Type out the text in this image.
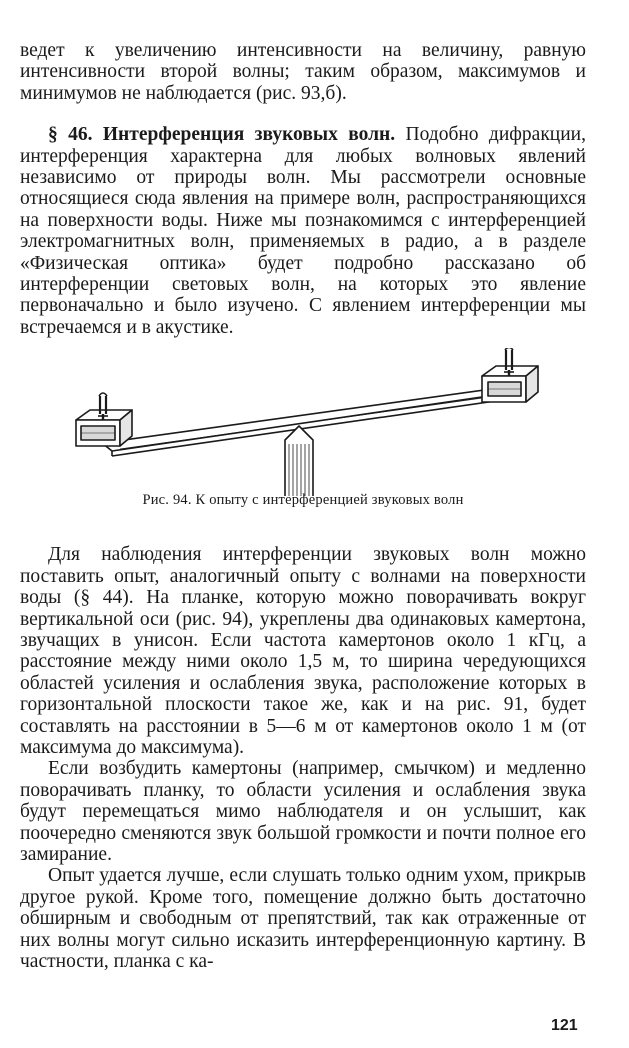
ведет к увеличению интенсивности на величину, равную интенсивности второй волны; таким образом, максимумов и минимумов не наблюдается (рис. 93,б).

§ 46. Интерференция звуковых волн. Подобно дифракции, интерференция характерна для любых волновых явлений независимо от природы волн. Мы рассмотрели основные относящиеся сюда явления на примере волн, распространяющихся на поверхности воды. Ниже мы познакомимся с интерференцией электромагнитных волн, применяемых в радио, а в разделе «Физическая оптика» будет подробно рассказано об интерференции световых волн, на которых это явление первоначально и было изучено. С явлением интерференции мы встречаемся и в акустике.

Рис. 94. К опыту с интерференцией звуковых волн

Для наблюдения интерференции звуковых волн можно поставить опыт, аналогичный опыту с волнами на поверхности воды (§ 44). На планке, которую можно поворачивать вокруг вертикальной оси (рис. 94), укреплены два одинаковых камертона, звучащих в унисон. Если частота камертонов около 1 кГц, а расстояние между ними около 1,5 м, то ширина чередующихся областей усиления и ослабления звука, расположение которых в горизонтальной плоскости такое же, как и на рис. 91, будет составлять на расстоянии в 5—6 м от камертонов около 1 м (от максимума до максимума).

Если возбудить камертоны (например, смычком) и медленно поворачивать планку, то области усиления и ослабления звука будут перемещаться мимо наблюдателя и он услышит, как поочередно сменяются звук большой громкости и почти полное его замирание.

Опыт удается лучше, если слушать только одним ухом, прикрыв другое рукой. Кроме того, помещение должно быть достаточно обширным и свободным от препятствий, так как отраженные от них волны могут сильно исказить интерференционную картину. В частности, планка с ка-

121
